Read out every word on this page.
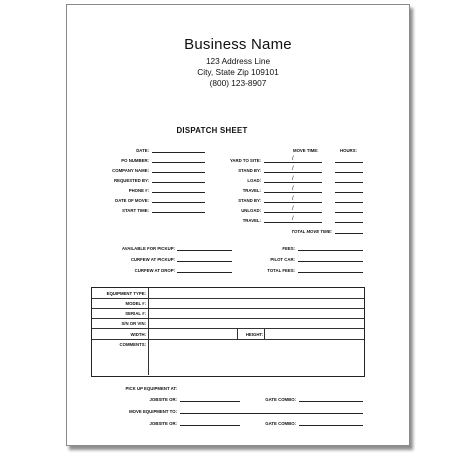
Business Name
123 Address Line
City, State Zip 109101
(800) 123-8907
DISPATCH SHEET
DATE:
PO NUMBER:
COMPANY NAME:
REQUESTED BY:
PHONE #:
DATE OF MOVE:
START TIME:
MOVE TIME:	HOURS:
YARD TO SITE:	/
STAND BY:	/
LOAD:	/
TRAVEL:	/
STAND BY:	/
UNLOAD:	/
TRAVEL:	/
TOTAL MOVE TIME:
AVAILABLE FOR PICKUP:
CURFEW AT PICKUP:
CURFEW AT DROP:
FEES:
PILOT CAR:
TOTAL FEES:
EQUIPMENT TYPE:
MODEL #:
SERIAL #:
S/N OR VIN:
WIDTH:	HEIGHT:
COMMENTS:
PICK UP EQUIPMENT AT:
JOBSITE OR:	GATE COMBO:
MOVE EQUIPMENT TO:
JOBSITE OR:	GATE COMBO:
